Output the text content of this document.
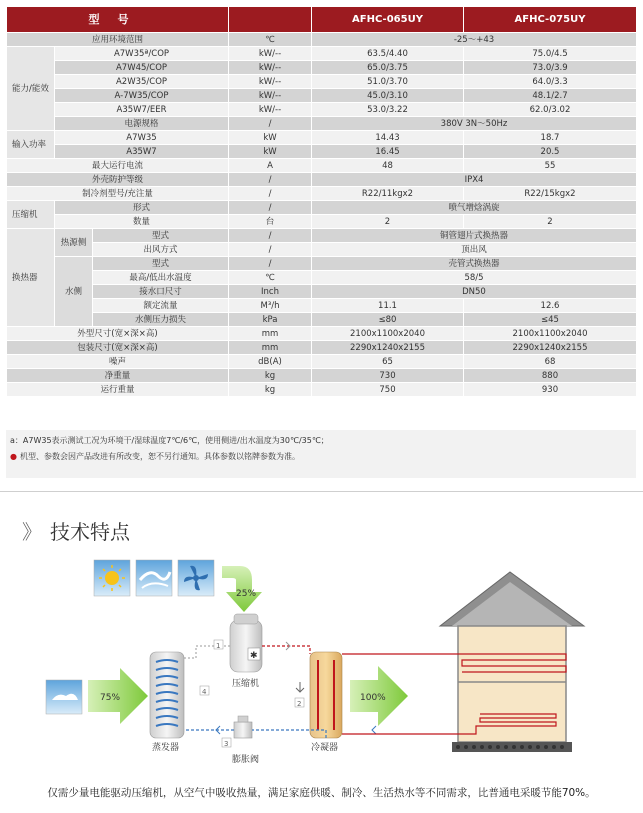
型号				AFHC-065UY	AFHC-075UY
应用环境范围			℃	-25～+43	
能力/能效	A7W35ª/COP		kW/--	63.5/4.40	75.0/4.5
	A7W45/COP		kW/--	65.0/3.75	73.0/3.9
	A2W35/COP		kW/--	51.0/3.70	64.0/3.3
	A-7W35/COP		kW/--	45.0/3.10	48.1/2.7
	A35W7/EER		kW/--	53.0/3.22	62.0/3.02
	电源规格		/	380V 3N～50Hz	
输入功率	A7W35		kW	14.43	18.7
	A35W7		kW	16.45	20.5
最大运行电流			A	48	55
外壳防护等级			/	IPX4	
制冷剂型号/充注量			/	R22/11kgx2	R22/15kgx2
压缩机	形式		/	喷气增焓涡旋	
	数量		台	2	2
换热器	热源侧	型式	/	铜管翅片式换热器	
		出风方式	/	顶出风	
	水侧	型式	/	壳管式换热器	
		最高/低出水温度	℃	58/5	
		接水口尺寸	Inch	DN50	
		额定流量	M³/h	11.1	12.6
		水侧压力损失	kPa	≤80	≤45
外型尺寸(宽×深×高)			mm	2100x1100x2040	2100x1100x2040
包装尺寸(宽×深×高)			mm	2290x1240x2155	2290x1240x2155
噪声			dB(A)	65	68
净重量			kg	730	880
运行重量			kg	750	930

a：A7W35表示测试工况为环境干/湿球温度7℃/6℃，使用侧进/出水温度为30℃/35℃；

● 机型、参数会因产品改进有所改变，恕不另行通知。具体参数以铭牌参数为准。

》 技术特点
25%
75%
蒸发器
✱
压缩机
冷凝器
膨胀阀
1
2
3
4
100%
仅需少量电能驱动压缩机，从空气中吸收热量，满足家庭供暖、制冷、生活热水等不同需求，比普通电采暖节能70%。
